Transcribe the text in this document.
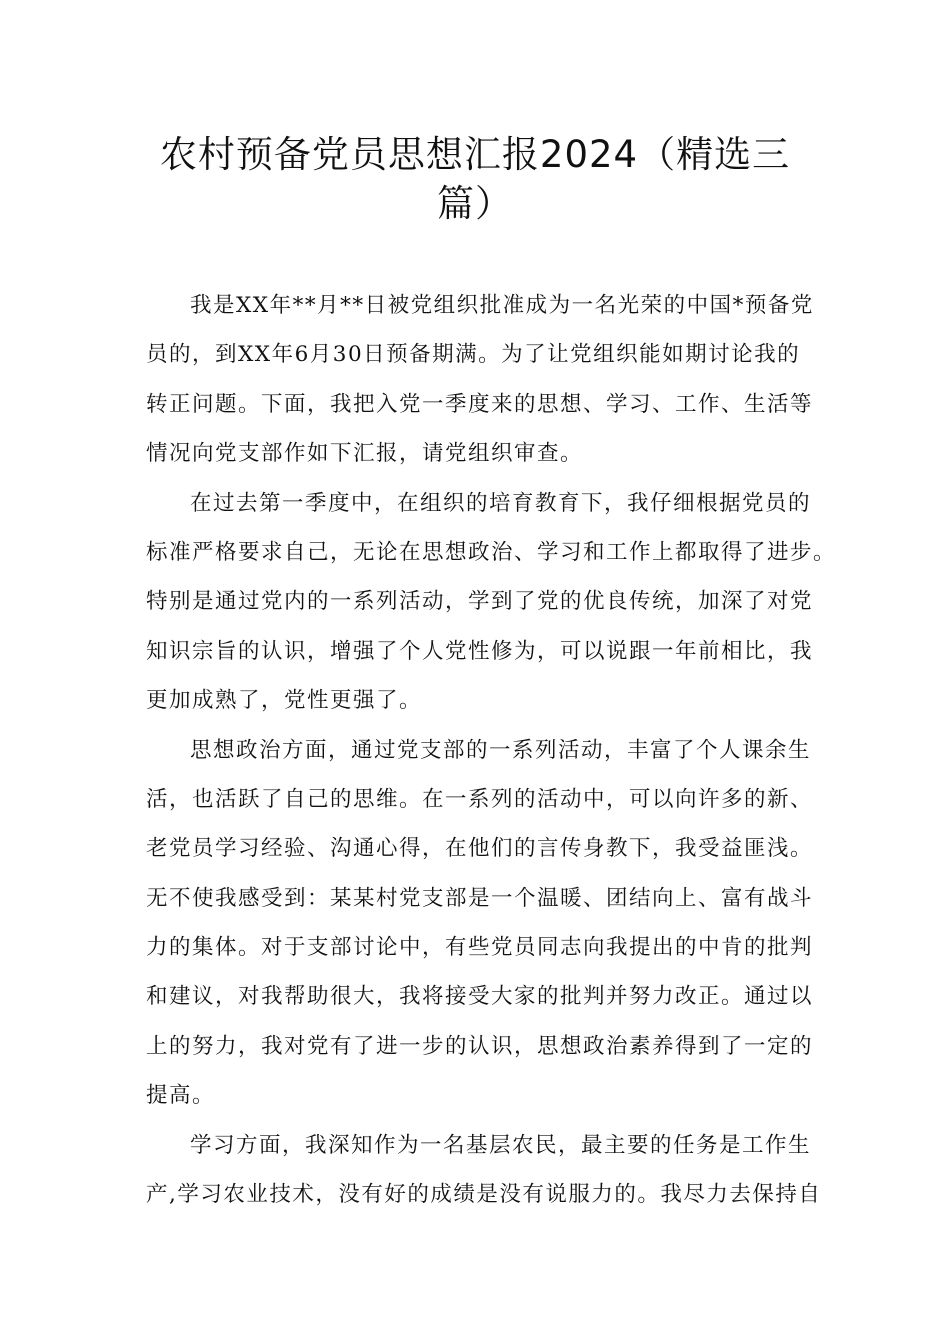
农村预备党员思想汇报2024（精选三
篇）
我是XX年**月**日被党组织批准成为一名光荣的中国*预备党
员的，到XX年6月30日预备期满。为了让党组织能如期讨论我的
转正问题。下面，我把入党一季度来的思想、学习、工作、生活等
情况向党支部作如下汇报，请党组织审查。
在过去第一季度中，在组织的培育教育下，我仔细根据党员的
标准严格要求自己，无论在思想政治、学习和工作上都取得了进步。
特别是通过党内的一系列活动，学到了党的优良传统，加深了对党
知识宗旨的认识，增强了个人党性修为，可以说跟一年前相比，我
更加成熟了，党性更强了。
思想政治方面，通过党支部的一系列活动，丰富了个人课余生
活，也活跃了自己的思维。在一系列的活动中，可以向许多的新、
老党员学习经验、沟通心得，在他们的言传身教下，我受益匪浅。
无不使我感受到：某某村党支部是一个温暖、团结向上、富有战斗
力的集体。对于支部讨论中，有些党员同志向我提出的中肯的批判
和建议，对我帮助很大，我将接受大家的批判并努力改正。通过以
上的努力，我对党有了进一步的认识，思想政治素养得到了一定的
提高。
学习方面，我深知作为一名基层农民，最主要的任务是工作生
产,学习农业技术，没有好的成绩是没有说服力的。我尽力去保持自
